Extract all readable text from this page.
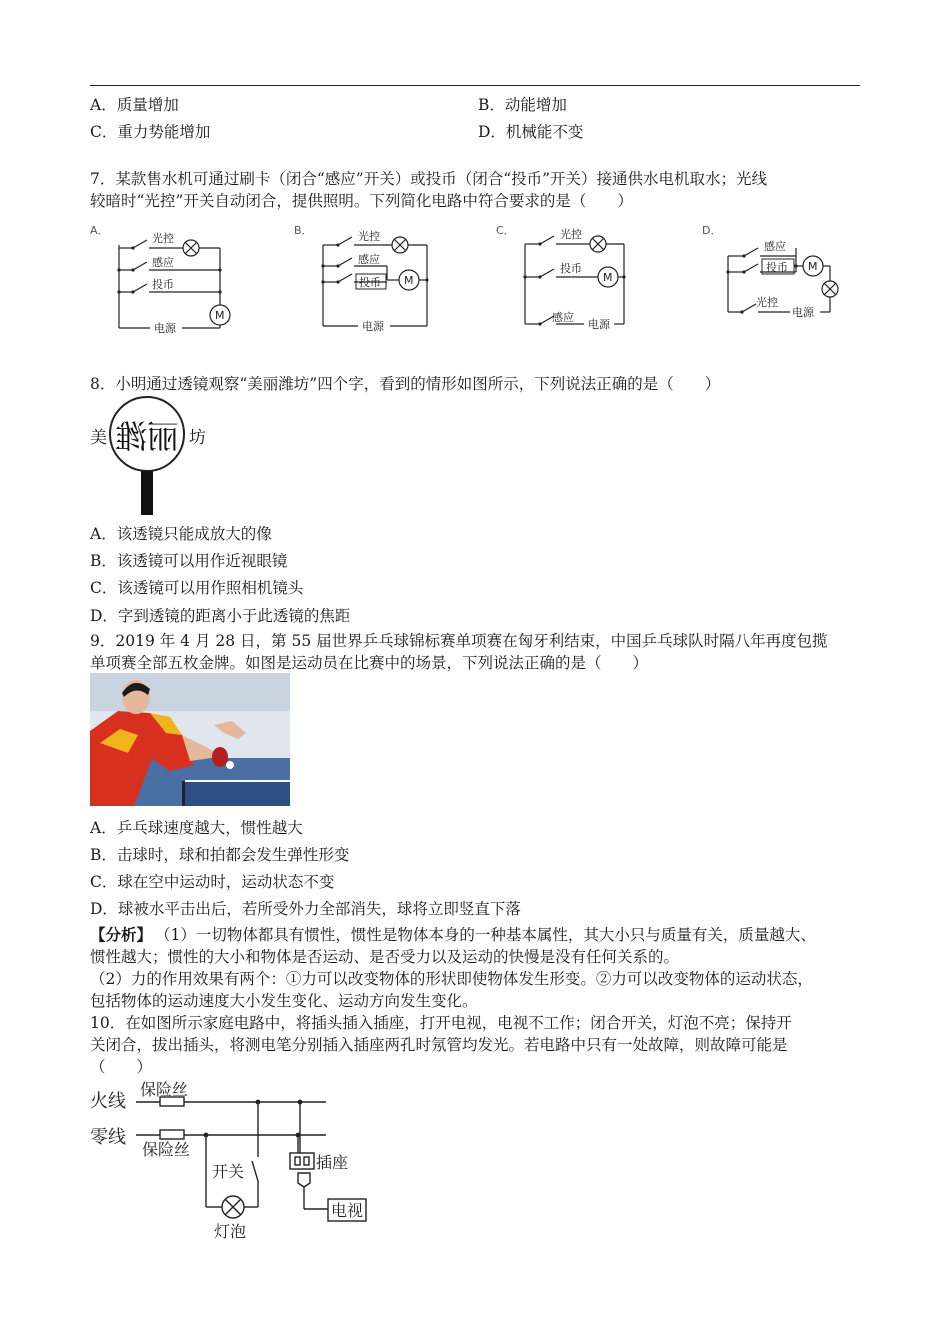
A．质量增加	B．动能增加
C．重力势能增加	D．机械能不变
7．某款售水机可通过刷卡（闭合“感应”开关）或投币（闭合“投币”开关）接通供水电机取水；光线
较暗时“光控”开关自动闭合，提供照明。下列简化电路中符合要求的是（　　）
A．
光控
感应
投币
M
电源
B．	光控
感应
投币 M
电源
C．	光控
投币
M
感应
电源
D．
感应
投币 M
光控
电源
8．小明通过透镜观察“美丽潍坊”四个字，看到的情形如图所示，下列说法正确的是（　　）
美 丽潍 坊
A．该透镜只能成放大的像
B．该透镜可以用作近视眼镜
C．该透镜可以用作照相机镜头
D．字到透镜的距离小于此透镜的焦距
9．2019 年 4 月 28 日，第 55 届世界乒乓球锦标赛单项赛在匈牙利结束，中国乒乓球队时隔八年再度包揽
单项赛全部五枚金牌。如图是运动员在比赛中的场景，下列说法正确的是（　　）
A．乒乓球速度越大，惯性越大
B．击球时，球和拍都会发生弹性形变
C．球在空中运动时，运动状态不变
D．球被水平击出后，若所受外力全部消失，球将立即竖直下落
【分析】 （1）一切物体都具有惯性，惯性是物体本身的一种基本属性，其大小只与质量有关，质量越大、
惯性越大；惯性的大小和物体是否运动、是否受力以及运动的快慢是没有任何关系的。
（2）力的作用效果有两个：①力可以改变物体的形状即使物体发生形变。②力可以改变物体的运动状态，
包括物体的运动速度大小发生变化、运动方向发生变化。
10．在如图所示家庭电路中，将插头插入插座，打开电视，电视不工作；闭合开关，灯泡不亮；保持开
关闭合，拔出插头，将测电笔分别插入插座两孔时氖管均发光。若电路中只有一处故障，则故障可能是
（　　）
火线
保险丝
零线
保险丝
开关	插座
灯泡
电视
